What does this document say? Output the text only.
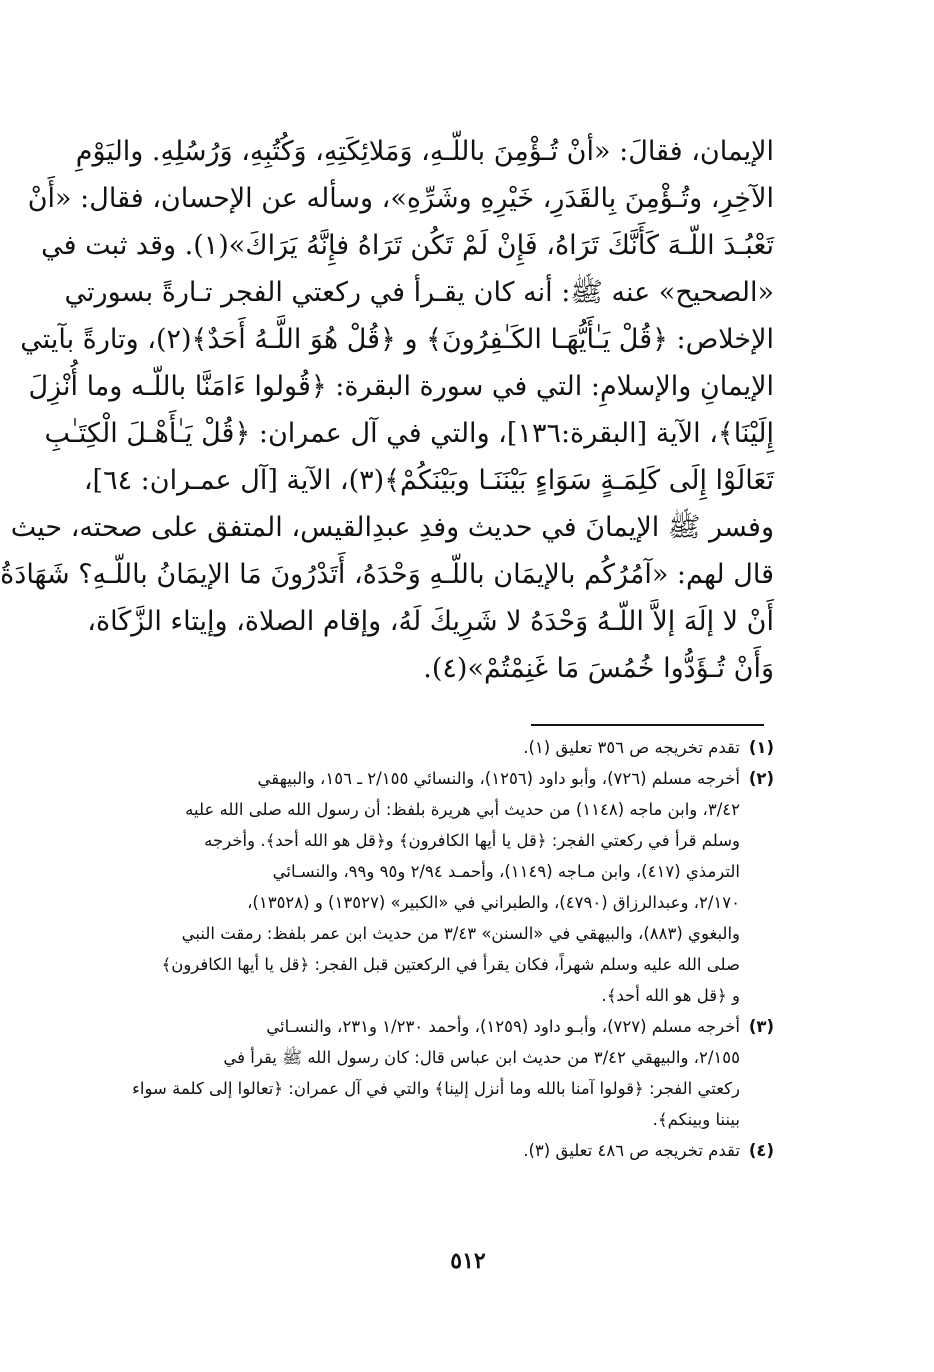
الإيمان، فقالَ: «أنْ تُـؤْمِنَ باللّـهِ، وَمَلائِكَتِهِ، وَكُتُبِهِ، وَرُسُلِهِ. واليَوْمِ
الآخِرِ، وتُـؤْمِنَ بِالقَدَرِ، خَيْرِهِ وشَرِّهِ»، وسأله عن الإحسان، فقال: «أَنْ
تَعْبُـدَ اللّـهَ كَأَنَّكَ تَرَاهُ، فَإِنْ لَمْ تَكُن تَرَاهُ فإِنَّهُ يَرَاكَ»(١). وقد ثبت في
«الصحيح» عنه ﷺ: أنه كان يقـرأ في ركعتي الفجر تـارةً بسورتي
الإخلاص: ﴿قُلْ يَـٰأَيُّهَـا الكَـٰفِرُونَ﴾ و ﴿قُلْ هُوَ اللَّـهُ أَحَدٌ﴾(٢)، وتارةً بآيتي
الإيمانِ والإسلامِ: التي في سورة البقرة: ﴿قُولوا ءَامَنَّا باللّـه وما أُنْزِلَ
إِلَيْنَا﴾، الآية [البقرة:١٣٦]، والتي في آل عمران: ﴿قُلْ يَـٰأَهْـلَ الْكِتَـٰبِ
تَعَالَوْا إِلَى كَلِمَـةٍ سَوَاءٍ بَيْنَنَـا وبَيْنَكُمْ﴾(٣)، الآية [آل عمـران: ٦٤]،
وفسر ﷺ الإيمانَ في حديث وفدِ عبدِالقيس، المتفق على صحته، حيث
قال لهم: «آمُرُكُم بالإيمَان باللّـهِ وَحْدَهُ، أَتَدْرُونَ مَا الإيمَانُ باللّـهِ؟ شَهَادَةُ
أَنْ لا إلَهَ إلاَّ اللّـهُ وَحْدَهُ لا شَرِيكَ لَهُ، وإقام الصلاة، وإيتاء الزَّكَاة،
وَأَنْ تُـؤَدُّوا خُمُسَ مَا غَنِمْتُمْ»(٤).
(١)
تقدم تخريجه ص ٣٥٦ تعليق (١).
(٢)
أخرجه مسلم (٧٢٦)، وأبو داود (١٢٥٦)، والنسائي ٢/١٥٥ ـ ١٥٦، والبيهقي
٣/٤٢، وابن ماجه (١١٤٨) من حديث أبي هريرة بلفظ: أن رسول الله صلى الله عليه
وسلم قرأ في ركعتي الفجر: ﴿قل يا أيها الكافرون﴾ و﴿قل هو الله أحد﴾. وأخرجه
الترمذي (٤١٧)، وابن مـاجه (١١٤٩)، وأحمـد ٢/٩٤ و٩٥ و٩٩، والنسـائي
٢/١٧٠، وعبدالرزاق (٤٧٩٠)، والطبراني في «الكبير» (١٣٥٢٧) و (١٣٥٢٨)،
والبغوي (٨٨٣)، والبيهقي في «السنن» ٣/٤٣ من حديث ابن عمر بلفظ: رمقت النبي
صلى الله عليه وسلم شهراً، فكان يقرأ في الركعتين قبل الفجر: ﴿قل يا أيها الكافرون﴾
و ﴿قل هو الله أحد﴾.
(٣)
أخرجه مسلم (٧٢٧)، وأبـو داود (١٢٥٩)، وأحمد ١/٢٣٠ و٢٣١، والنسـائي
٢/١٥٥، والبيهقي ٣/٤٢ من حديث ابن عباس قال: كان رسول الله ﷺ يقرأ في
ركعتي الفجر: ﴿قولوا آمنا بالله وما أنزل إلينا﴾ والتي في آل عمران: ﴿تعالوا إلى كلمة سواء
بيننا وبينكم﴾.
(٤)
تقدم تخريجه ص ٤٨٦ تعليق (٣).
٥١٢
